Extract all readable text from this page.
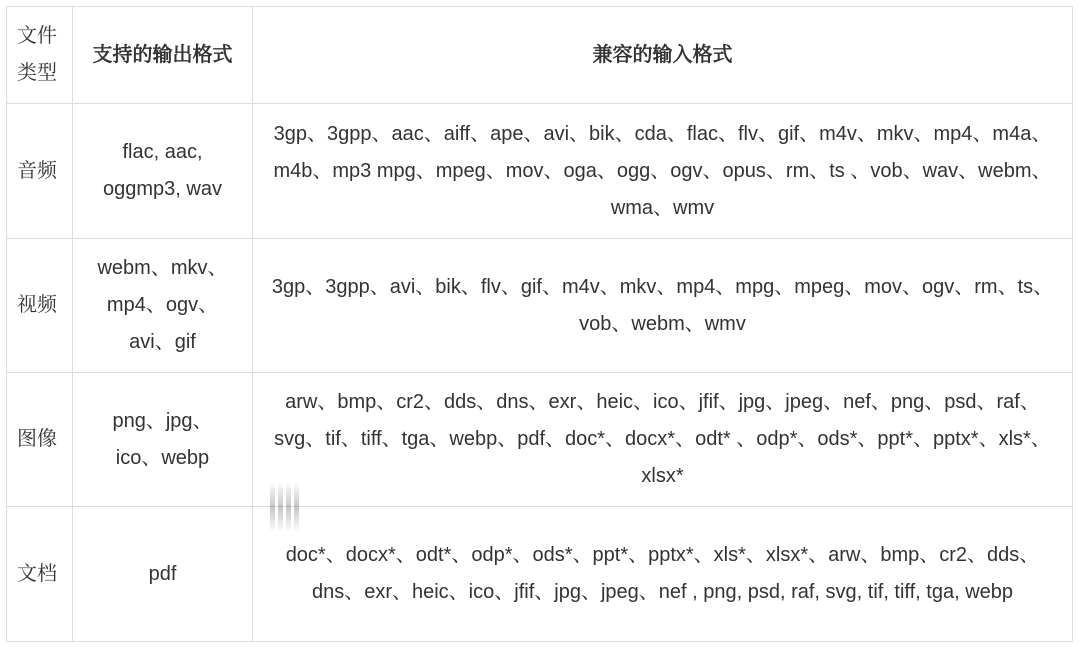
文件类型	支持的输出格式	兼容的输入格式
音频	flac, aac, oggmp3, wav	3gp、3gpp、aac、aiff、ape、avi、bik、cda、flac、flv、gif、m4v、mkv、mp4、m4a、m4b、mp3 mpg、mpeg、mov、oga、ogg、ogv、opus、rm、ts 、vob、wav、webm、wma、wmv
视频	webm、mkv、mp4、ogv、avi、gif	3gp、3gpp、avi、bik、flv、gif、m4v、mkv、mp4、mpg、mpeg、mov、ogv、rm、ts、vob、webm、wmv
图像	png、jpg、ico、webp	arw、bmp、cr2、dds、dns、exr、heic、ico、jfif、jpg、jpeg、nef、png、psd、raf、svg、tif、tiff、tga、webp、pdf、doc*、docx*、odt* 、odp*、ods*、ppt*、pptx*、xls*、xlsx*
文档	pdf	doc*、docx*、odt*、odp*、ods*、ppt*、pptx*、xls*、xlsx*、arw、bmp、cr2、dds、dns、exr、heic、ico、jfif、jpg、jpeg、nef , png, psd, raf, svg, tif, tiff, tga, webp
